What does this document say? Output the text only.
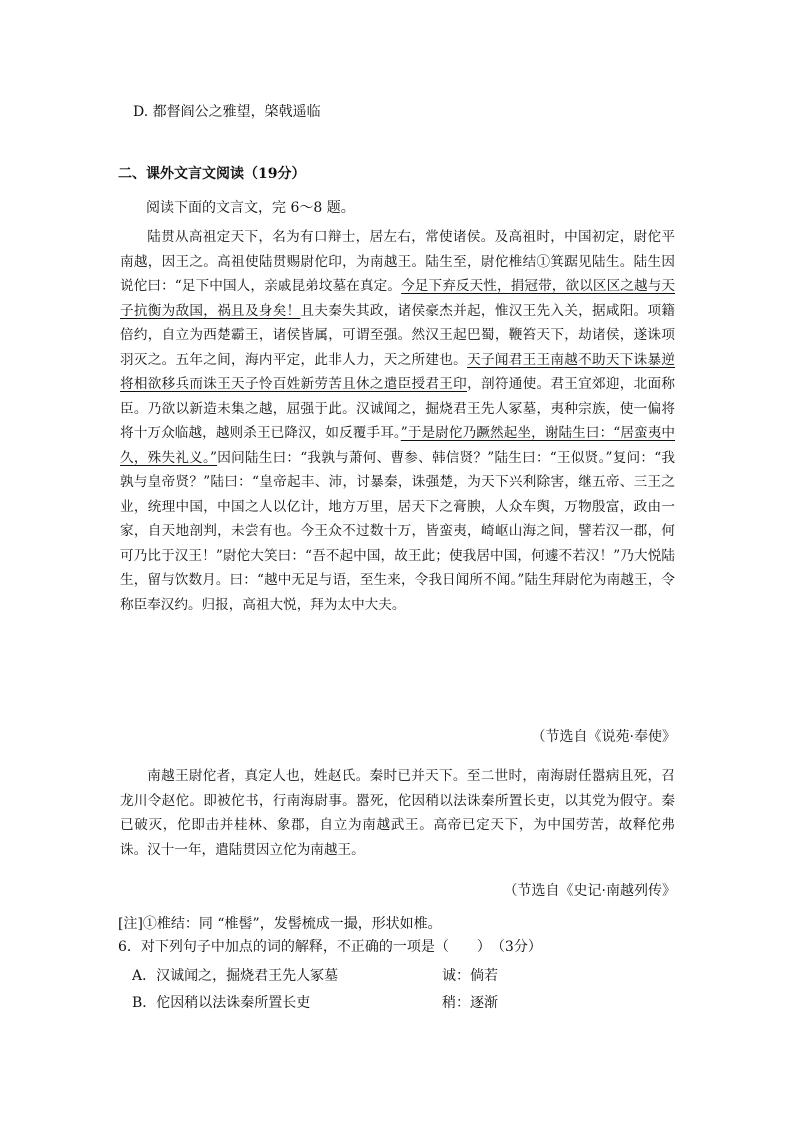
D. 都督阎公之雅望，棨戟遥临
二、课外文言文阅读（19分）
阅读下面的文言文，完 6～8 题。
陆贯从高祖定天下，名为有口辩士，居左右，常使诸侯。及高祖时，中国初定，尉佗平南越，因王之。高祖使陆贯赐尉佗印，为南越王。陆生至，尉佗椎结①箕踞见陆生。陆生因说佗曰：“足下中国人，亲戚昆弟坟墓在真定。今足下弃反天性，捐冠带，欲以区区之越与天子抗衡为敌国，祸且及身矣！且夫秦失其政，诸侯豪杰并起，惟汉王先入关，据咸阳。项籍倍约，自立为西楚霸王，诸侯皆属，可谓至强。然汉王起巴蜀，鞭笞天下，劫诸侯，遂诛项羽灭之。五年之间，海内平定，此非人力，天之所建也。天子闻君王王南越不助天下诛暴逆将相欲移兵而诛王天子怜百姓新劳苦且休之遣臣授君王印，剖符通使。君王宜郊迎，北面称臣。乃欲以新造未集之越，屈强于此。汉诚闻之，掘烧君王先人冢墓，夷种宗族，使一偏将将十万众临越，越则杀王已降汉，如反覆手耳。”于是尉佗乃蹶然起坐，谢陆生曰：“居蛮夷中久，殊失礼义。”因问陆生曰：“我孰与萧何、曹参、韩信贤？”陆生曰：“王似贤。”复问：“我孰与皇帝贤？”陆曰：“皇帝起丰、沛，讨暴秦，诛强楚，为天下兴利除害，继五帝、三王之业，统理中国，中国之人以亿计，地方万里，居天下之膏腴，人众车舆，万物殷富，政由一家，自天地剖判，未尝有也。今王众不过数十万，皆蛮夷，崎岖山海之间，譬若汉一郡，何可乃比于汉王！”尉佗大笑曰：“吾不起中国，故王此；使我居中国，何遽不若汉！”乃大悦陆生，留与饮数月。曰：“越中无足与语，至生来，令我日闻所不闻。”陆生拜尉佗为南越王，令称臣奉汉约。归报，高祖大悦，拜为太中大夫。
（节选自《说苑·奉使》
南越王尉佗者，真定人也，姓赵氏。秦时已并天下。至二世时，南海尉任嚣病且死，召龙川令赵佗。即被佗书，行南海尉事。嚣死，佗因稍以法诛秦所置长吏，以其党为假守。秦已破灭，佗即击并桂林、象郡，自立为南越武王。高帝已定天下，为中国劳苦，故释佗弗诛。汉十一年，遣陆贯因立佗为南越王。
（节选自《史记·南越列传》
[注]①椎结：同 “椎髻”，发髻梳成一撮，形状如椎。
6．对下列句子中加点的词的解释，不正确的一项是（　　）　（3分）
A．汉诚闻之，掘烧君王先人冢墓	诚：倘若
B．佗因稍以法诛秦所置长吏	稍：逐渐
